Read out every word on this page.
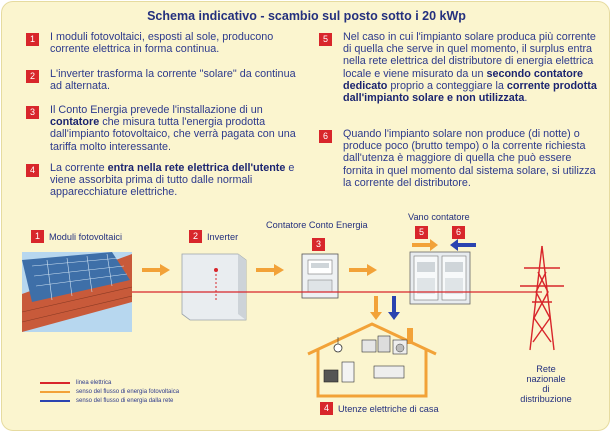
Schema indicativo - scambio sul posto sotto i 20 kWp
1	I moduli fotovoltaici, esposti al sole, producono corrente elettrica in forma continua.
2	L'inverter trasforma la corrente "solare" da continua ad alternata.
3	Il Conto Energia prevede l'installazione di un contatore che misura tutta l'energia prodotta dall'impianto fotovoltaico, che verrà pagata con una tariffa molto interessante.
4	La corrente entra nella rete elettrica dell'utente e viene assorbita prima di tutto dalle normali apparecchiature elettriche.
5	Nel caso in cui l'impianto solare produca più corrente di quella che serve in quel momento, il surplus entra nella rete elettrica del distributore di energia elettrica locale e viene misurato da un secondo contatore dedicato proprio a conteggiare la corrente prodotta dall'impianto solare e non utilizzata.
6	Quando l'impianto solare non produce (di notte) o produce poco (brutto tempo) o la corrente richiesta dall'utenza è maggiore di quella che può essere fornita in quel momento dal sistema solare, si utilizza la corrente del distributore.
1 Moduli fotovoltaici	2 Inverter
Contatore Conto Energia
3
Vano contatore
5	6
4 Utenze elettriche di casa
Rete nazionale
di distribuzione
linea elettrica
senso del flusso di energia fotovoltaica
senso del flusso di energia dalla rete
